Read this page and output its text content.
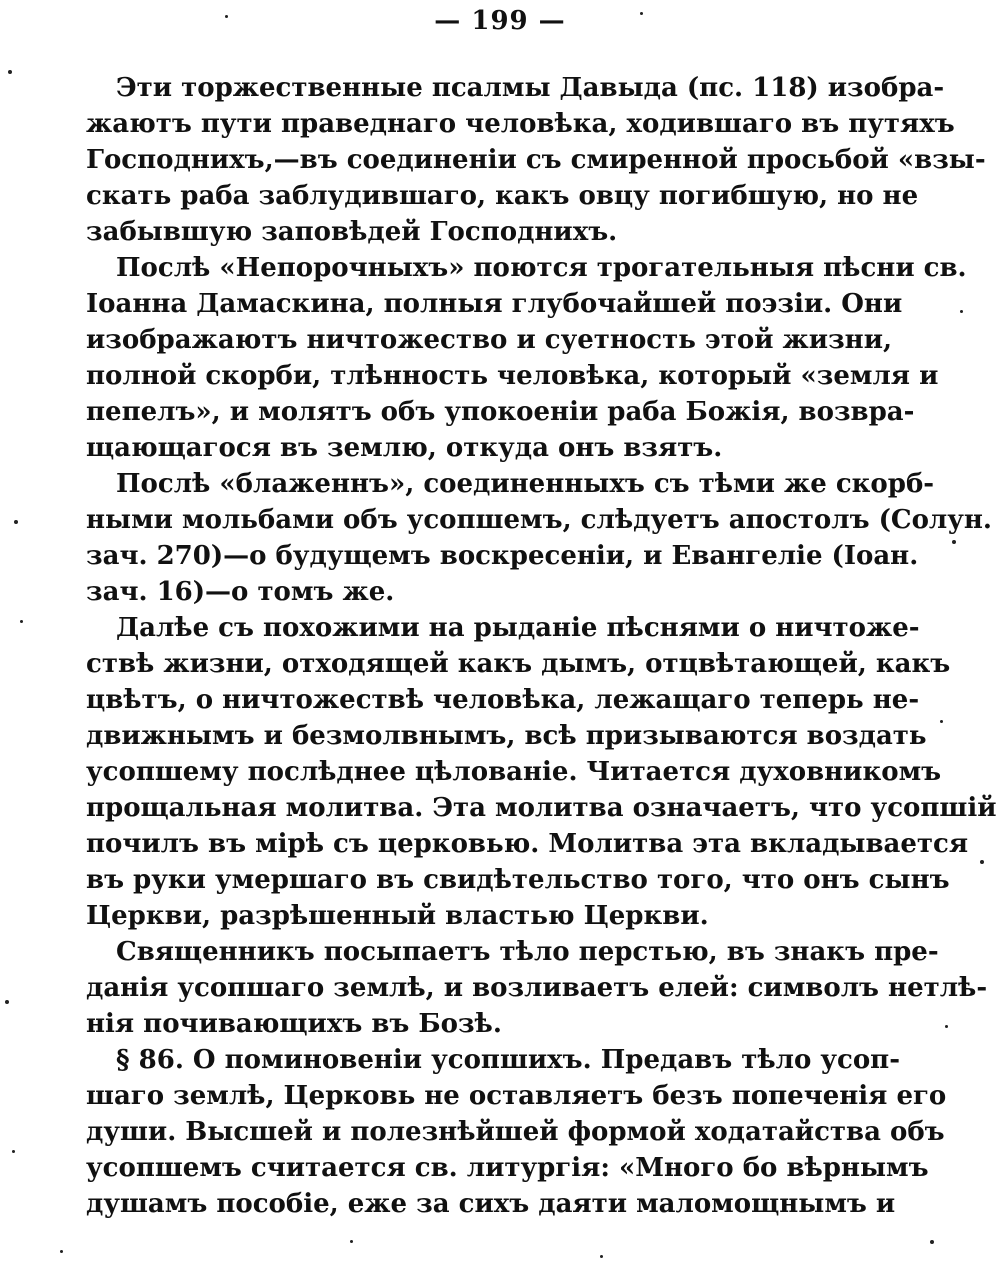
— 199 —
Эти торжественные псалмы Давыда (пс. 118) изобра-
жаютъ пути праведнаго человѣка, ходившаго въ путяхъ
Господнихъ,—въ соединеніи съ смиренной просьбой «взы-
скать раба заблудившаго, какъ овцу погибшую, но не
забывшую заповѣдей Господнихъ.
Послѣ «Непорочныхъ» поются трогательныя пѣсни св.
Іоанна Дамаскина, полныя глубочайшей поэзіи. Они
изображаютъ ничтожество и суетность этой жизни,
полной скорби, тлѣнность человѣка, который «земля и
пепелъ», и молятъ объ упокоеніи раба Божія, возвра-
щающагося въ землю, откуда онъ взятъ.
Послѣ «блаженнъ», соединенныхъ съ тѣми же скорб-
ными мольбами объ усопшемъ, слѣдуетъ апостолъ (Солун.
зач. 270)—о будущемъ воскресеніи, и Евангеліе (Іоан.
зач. 16)—о томъ же.
Далѣе съ похожими на рыданіе пѣснями о ничтоже-
ствѣ жизни, отходящей какъ дымъ, отцвѣтающей, какъ
цвѣтъ, о ничтожествѣ человѣка, лежащаго теперь не-
движнымъ и безмолвнымъ, всѣ призываются воздать
усопшему послѣднее цѣлованіе. Читается духовникомъ
прощальная молитва. Эта молитва означаетъ, что усопшій
почилъ въ мірѣ съ церковью. Молитва эта вкладывается
въ руки умершаго въ свидѣтельство того, что онъ сынъ
Церкви, разрѣшенный властью Церкви.
Священникъ посыпаетъ тѣло перстью, въ знакъ пре-
данія усопшаго землѣ, и возливаетъ елей: символъ нетлѣ-
нія почивающихъ въ Бозѣ.
§ 86. О поминовеніи усопшихъ. Предавъ тѣло усоп-
шаго землѣ, Церковь не оставляетъ безъ попеченія его
души. Высшей и полезнѣйшей формой ходатайства объ
усопшемъ считается св. литургія: «Много бо вѣрнымъ
душамъ пособіе, еже за сихъ даяти маломощнымъ и
